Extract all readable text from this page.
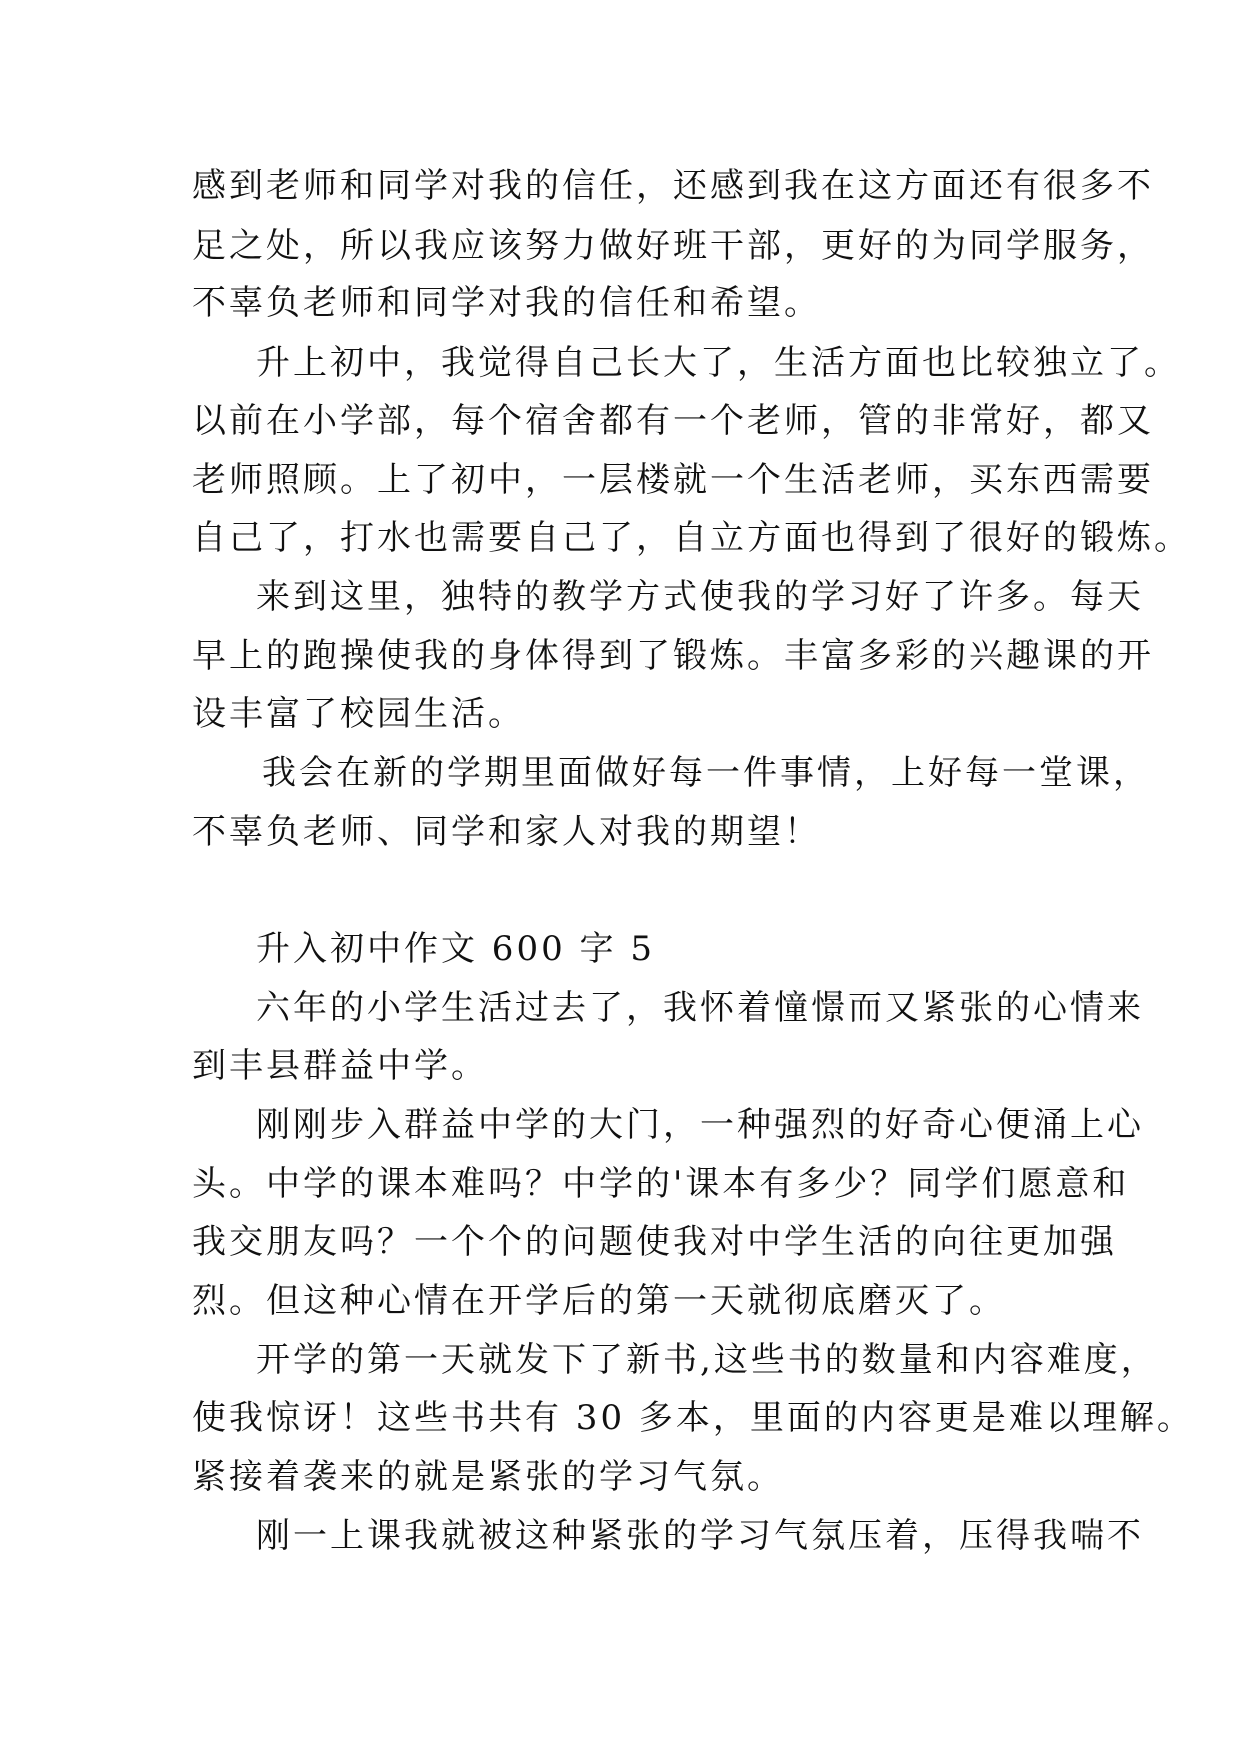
感到老师和同学对我的信任，还感到我在这方面还有很多不

足之处，所以我应该努力做好班干部，更好的为同学服务，

不辜负老师和同学对我的信任和希望。

升上初中，我觉得自己长大了，生活方面也比较独立了。

以前在小学部，每个宿舍都有一个老师，管的非常好，都又

老师照顾。上了初中，一层楼就一个生活老师，买东西需要

自己了，打水也需要自己了，自立方面也得到了很好的锻炼。

来到这里，独特的教学方式使我的学习好了许多。每天

早上的跑操使我的身体得到了锻炼。丰富多彩的兴趣课的开

设丰富了校园生活。

我会在新的学期里面做好每一件事情，上好每一堂课，

不辜负老师、同学和家人对我的期望！

升入初中作文 600 字 5

六年的小学生活过去了，我怀着憧憬而又紧张的心情来

到丰县群益中学。

刚刚步入群益中学的大门，一种强烈的好奇心便涌上心

头。中学的课本难吗？中学的'课本有多少？同学们愿意和

我交朋友吗？一个个的问题使我对中学生活的向往更加强

烈。但这种心情在开学后的第一天就彻底磨灭了。

开学的第一天就发下了新书,这些书的数量和内容难度，

使我惊讶！这些书共有 30 多本，里面的内容更是难以理解。

紧接着袭来的就是紧张的学习气氛。

刚一上课我就被这种紧张的学习气氛压着，压得我喘不
